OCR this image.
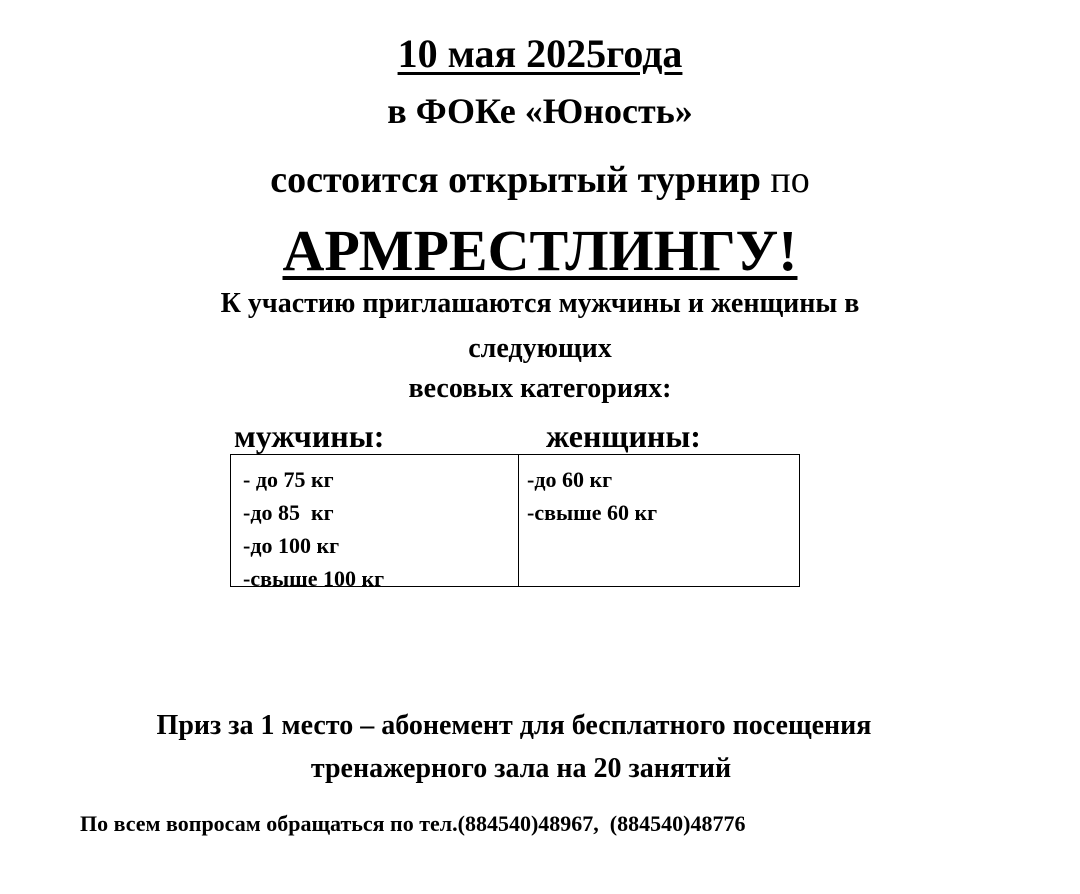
10 мая 2025года
в ФОКе «Юность»
состоится открытый турнир по
АРМРЕСТЛИНГУ!
К участию приглашаются мужчины и женщины в
следующих
весовых категориях:
мужчины:	женщины:
- до 75 кг
-до 85  кг
-до 100 кг
-свыше 100 кг
-до 60 кг
-свыше 60 кг
Приз за 1 место – абонемент для бесплатного посещения
тренажерного зала на 20 занятий
По всем вопросам обращаться по тел.(884540)48967,  (884540)48776
